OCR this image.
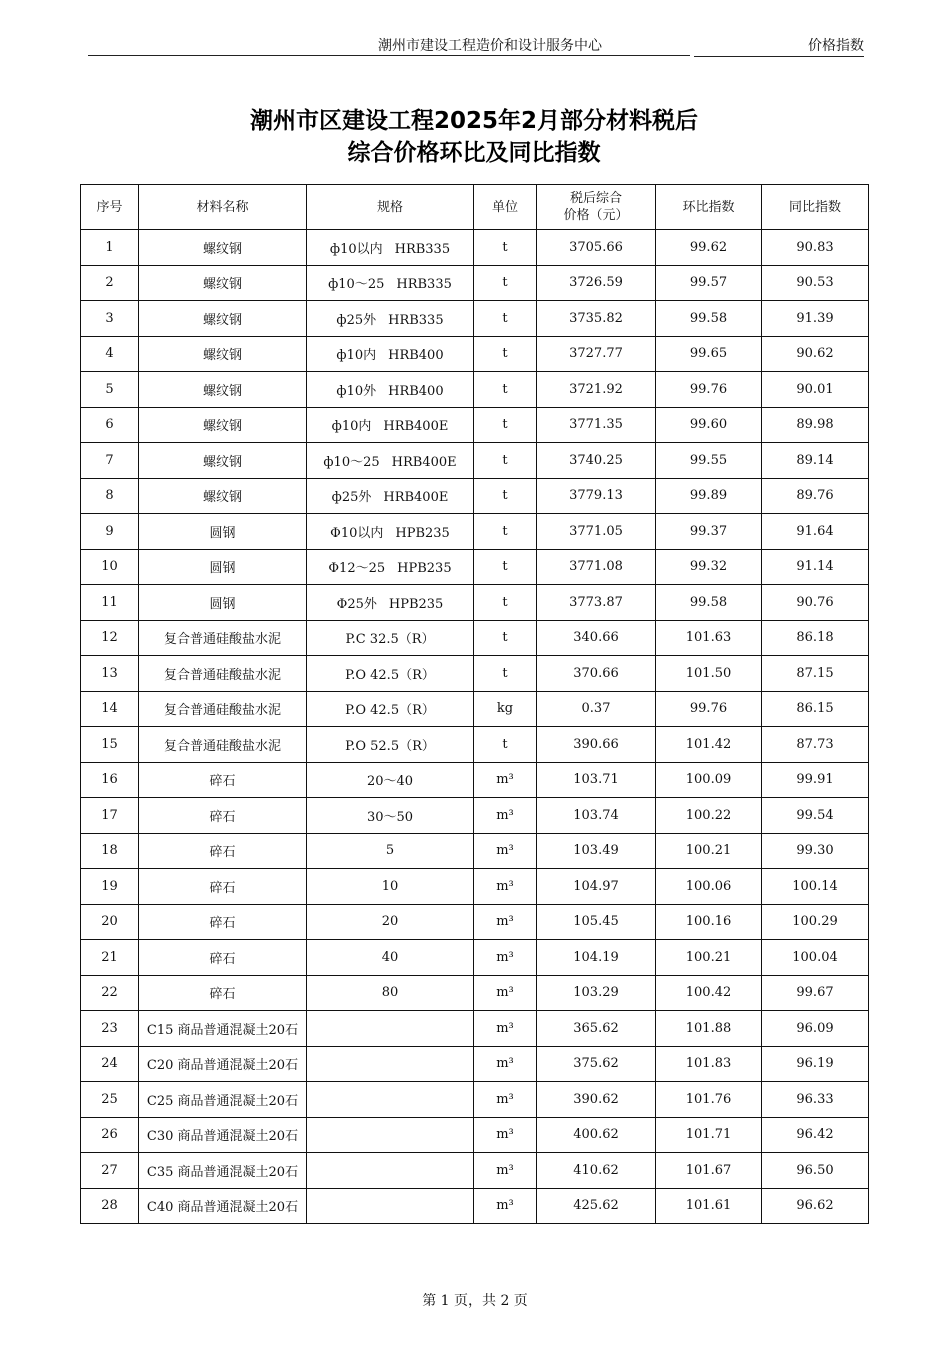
潮州市建设工程造价和设计服务中心	价格指数
潮州市区建设工程2025年2月部分材料税后
综合价格环比及同比指数
序号	材料名称	规格	单位	税后综合
价格（元）	环比指数	同比指数
1	螺纹钢	ф10以内 HRB335	t	3705.66	99.62	90.83
2	螺纹钢	ф10～25 HRB335	t	3726.59	99.57	90.53
3	螺纹钢	ф25外 HRB335	t	3735.82	99.58	91.39
4	螺纹钢	ф10内 HRB400	t	3727.77	99.65	90.62
5	螺纹钢	ф10外 HRB400	t	3721.92	99.76	90.01
6	螺纹钢	ф10内 HRB400E	t	3771.35	99.60	89.98
7	螺纹钢	ф10～25 HRB400E	t	3740.25	99.55	89.14
8	螺纹钢	ф25外 HRB400E	t	3779.13	99.89	89.76
9	圆钢	Φ10以内 HPB235	t	3771.05	99.37	91.64
10	圆钢	Φ12～25 HPB235	t	3771.08	99.32	91.14
11	圆钢	Φ25外 HPB235	t	3773.87	99.58	90.76
12	复合普通硅酸盐水泥	P.C 32.5（R）	t	340.66	101.63	86.18
13	复合普通硅酸盐水泥	P.O 42.5（R）	t	370.66	101.50	87.15
14	复合普通硅酸盐水泥	P.O 42.5（R）	kg	0.37	99.76	86.15
15	复合普通硅酸盐水泥	P.O 52.5（R）	t	390.66	101.42	87.73
16	碎石	20～40	m³	103.71	100.09	99.91
17	碎石	30～50	m³	103.74	100.22	99.54
18	碎石	5	m³	103.49	100.21	99.30
19	碎石	10	m³	104.97	100.06	100.14
20	碎石	20	m³	105.45	100.16	100.29
21	碎石	40	m³	104.19	100.21	100.04
22	碎石	80	m³	103.29	100.42	99.67
23	C15 商品普通混凝土20石		m³	365.62	101.88	96.09
24	C20 商品普通混凝土20石		m³	375.62	101.83	96.19
25	C25 商品普通混凝土20石		m³	390.62	101.76	96.33
26	C30 商品普通混凝土20石		m³	400.62	101.71	96.42
27	C35 商品普通混凝土20石		m³	410.62	101.67	96.50
28	C40 商品普通混凝土20石		m³	425.62	101.61	96.62
第 1 页，共 2 页
